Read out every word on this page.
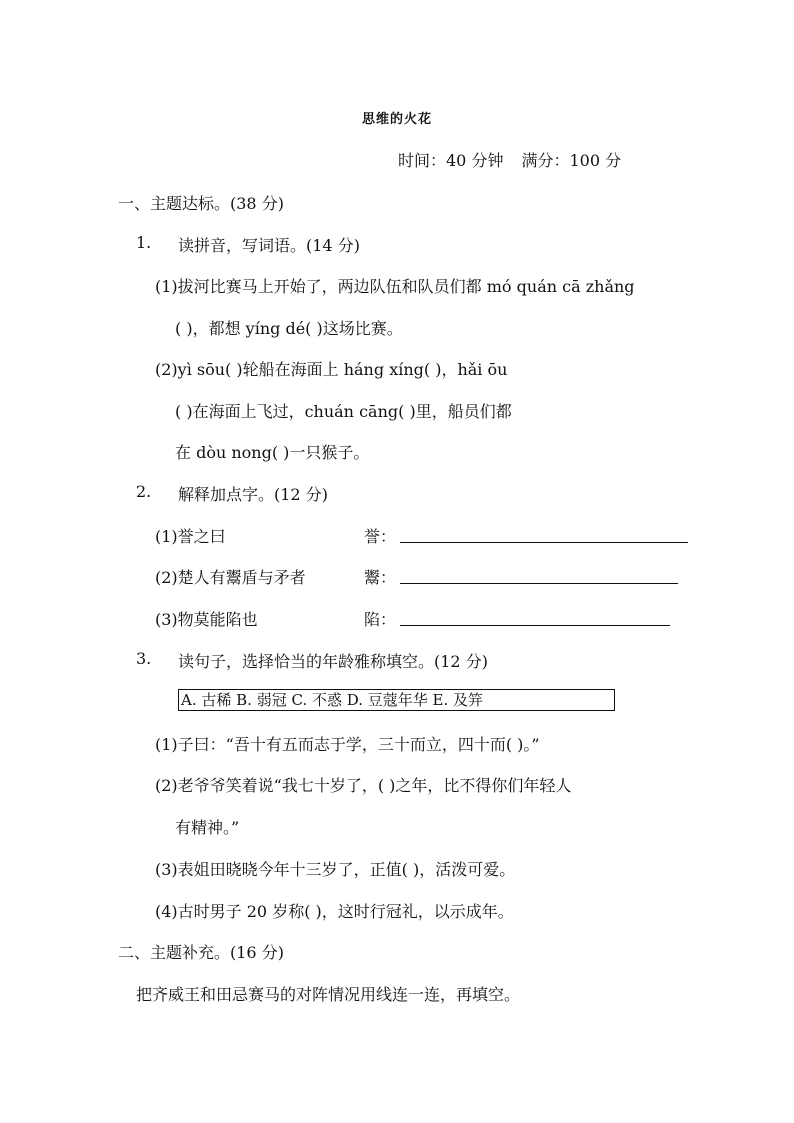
思维的火花
时间：40 分钟 满分：100 分
一、主题达标。(38 分)
1. 读拼音，写词语。(14 分)
(1)拔河比赛马上开始了，两边队伍和队员们都 mó quán cā zhǎng
( )，都想 yíng dé( )这场比赛。
(2)yì sōu( )轮船在海面上 háng xíng( )，hǎi ōu
( )在海面上飞过，chuán cāng( )里，船员们都
在 dòu nong( )一只猴子。
2. 解释加点字。(12 分)
(1)誉之曰	誉：
(2)楚人有鬻盾与矛者	鬻：
(3)物莫能陷也	陷：
3. 读句子，选择恰当的年龄雅称填空。(12 分)
A. 古稀 B. 弱冠 C. 不惑 D. 豆蔻年华 E. 及笄
(1)子曰：“吾十有五而志于学，三十而立，四十而( )。”
(2)老爷爷笑着说“我七十岁了，( )之年，比不得你们年轻人
有精神。”
(3)表姐田晓晓今年十三岁了，正值( )，活泼可爱。
(4)古时男子 20 岁称( )，这时行冠礼，以示成年。
二、主题补充。(16 分)
把齐威王和田忌赛马的对阵情况用线连一连，再填空。
